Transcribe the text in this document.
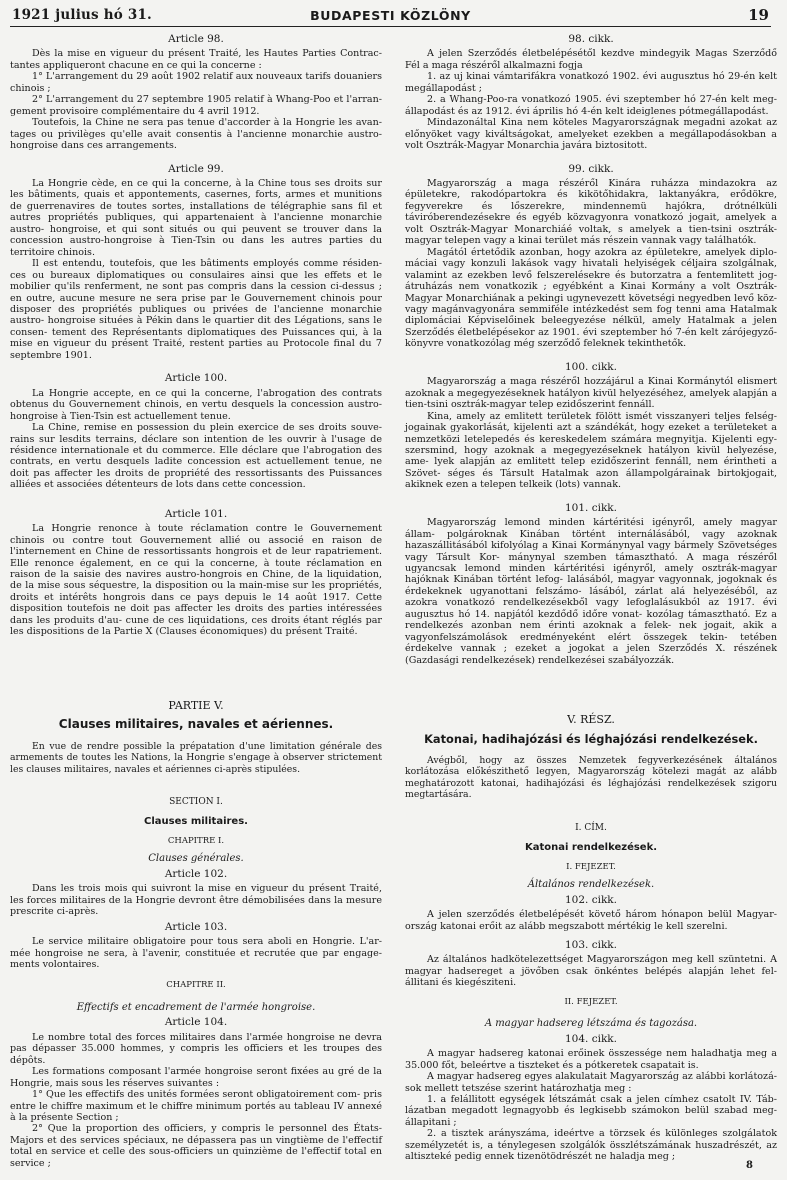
1921 julius hó 31.	BUDAPESTI KÖZLÖNY	19
Article 98.

Dès la mise en vigueur du présent Traité, les Hautes Parties Contrac- tantes appliqueront chacune en ce qui la concerne :

1° L'arrangement du 29 août 1902 relatif aux nouveaux tarifs douaniers chinois ;

2° L'arrangement du 27 septembre 1905 relatif à Whang-Poo et l'arran- gement provisoire complémentaire du 4 avril 1912.

Toutefois, la Chine ne sera pas tenue d'accorder à la Hongrie les avan- tages ou privilèges qu'elle avait consentis à l'ancienne monarchie austro- hongroise dans ces arrangements.

Article 99.

La Hongrie cède, en ce qui la concerne, à la Chine tous ses droits sur les bâtiments, quais et appontements, casernes, forts, armes et munitions de guerrenavires de toutes sortes, installations de télégraphie sans fil et autres propriétés publiques, qui appartenaient à l'ancienne monarchie austro- hongroise, et qui sont situés ou qui peuvent se trouver dans la concession austro-hongroise à Tien-Tsin ou dans les autres parties du territoire chinois.

Il est entendu, toutefois, que les bâtiments employés comme résiden- ces ou bureaux diplomatiques ou consulaires ainsi que les effets et le mobilier qu'ils renferment, ne sont pas compris dans la cession ci-dessus ; en outre, aucune mesure ne sera prise par le Gouvernement chinois pour disposer des propriétés publiques ou privées de l'ancienne monarchie austro- hongroise situées à Pékin dans le quartier dit des Légations, sans le consen- tement des Représentants diplomatiques des Puissances qui, à la mise en vigueur du présent Traité, restent parties au Protocole final du 7 septembre 1901.

Article 100.

La Hongrie accepte, en ce qui la concerne, l'abrogation des contrats obtenus du Gouvernement chinois, en vertu desquels la concession austro- hongroise à Tien-Tsin est actuellement tenue.

La Chine, remise en possession du plein exercice de ses droits souve- rains sur lesdits terrains, déclare son intention de les ouvrir à l'usage de résidence internationale et du commerce. Elle déclare que l'abrogation des contrats, en vertu desquels ladite concession est actuellement tenue, ne doit pas affecter les droits de propriété des ressortissants des Puissances alliées et associées détenteurs de lots dans cette concession.

Article 101.

La Hongrie renonce à toute réclamation contre le Gouvernement chinois ou contre tout Gouvernement allié ou associé en raison de l'internement en Chine de ressortissants hongrois et de leur rapatriement. Elle renonce également, en ce qui la concerne, à toute réclamation en raison de la saisie des navires austro-hongrois en Chine, de la liquidation, de la mise sous séquestre, la disposition ou la main-mise sur les propriétés, droits et intérêts hongrois dans ce pays depuis le 14 août 1917. Cette disposition toutefois ne doit pas affecter les droits des parties intéressées dans les produits d'au- cune de ces liquidations, ces droits étant réglés par les dispositions de la Partie X (Clauses économiques) du présent Traité.

PARTIE V.
Clauses militaires, navales et aériennes.

En vue de rendre possible la prépatation d'une limitation générale des armements de toutes les Nations, la Hongrie s'engage à observer strictement les clauses militaires, navales et aériennes ci-après stipulées.

SECTION I.
Clauses militaires.
CHAPITRE I.
Clauses générales.
Article 102.

Dans les trois mois qui suivront la mise en vigueur du présent Traité, les forces militaires de la Hongrie devront être démobilisées dans la mesure prescrite ci-après.

Article 103.

Le service militaire obligatoire pour tous sera aboli en Hongrie. L'ar- mée hongroise ne sera, à l'avenir, constituée et recrutée que par engage- ments volontaires.

CHAPITRE II.
Effectifs et encadrement de l'armée hongroise.
Article 104.

Le nombre total des forces militaires dans l'armée hongroise ne devra pas dépasser 35.000 hommes, y compris les officiers et les troupes des dépôts.

Les formations composant l'armée hongroise seront fixées au gré de la Hongrie, mais sous les réserves suivantes :

1° Que les effectifs des unités formées seront obligatoirement com- pris entre le chiffre maximum et le chiffre minimum portés au tableau IV annexé à la présente Section ;

2° Que la proportion des officiers, y compris le personnel des États- Majors et des services spéciaux, ne dépassera pas un vingtième de l'effectif total en service et celle des sous-officiers un quinzième de l'effectif total en service ;

98. cikk.

A jelen Szerződés életbelépésétől kezdve mindegyik Magas Szerződő Fél a maga részéről alkalmazni fogja

1. az uj kinai vámtarifákra vonatkozó 1902. évi augusztus hó 29-én kelt megállapodást ;

2. a Whang-Poo-ra vonatkozó 1905. évi szeptember hó 27-én kelt meg- állapodást és az 1912. évi április hó 4-én kelt ideiglenes pótmegállapodást.

Mindazonáltal Kina nem köteles Magyarországnak megadni azokat az előnyöket vagy kiváltságokat, amelyeket ezekben a megállapodásokban a volt Osztrák-Magyar Monarchia javára biztositott.

99. cikk.

Magyarország a maga részéről Kinára ruházza mindazokra az épületekre, rakodópartokra és kikötőhidakra, laktanyákra, erődökre, fegyverekre és lőszerekre, mindennemü hajókra, drótnélküli táviróberendezésekre és egyéb közvagyonra vonatkozó jogait, amelyek a volt Osztrák-Magyar Monarchiáé voltak, s amelyek a tien-tsini osztrák-magyar telepen vagy a kinai terület más részein vannak vagy találhatók.

Magától értetődik azonban, hogy azokra az épületekre, amelyek diplo- máciai vagy konzuli lakások vagy hivatali helyiségek céljaira szolgálnak, valamint az ezekben levő felszerelésekre és butorzatra a fentemlitett jog- átruházás nem vonatkozik ; egyébként a Kinai Kormány a volt Osztrák- Magyar Monarchiának a pekingi ugynevezett követségi negyedben levő köz- vagy magánvagyonára semmiféle intézkedést sem fog tenni ama Hatalmak diplomáciai Képviselőinek beleegyezése nélkül, amely Hatalmak a jelen Szerződés életbelépésekor az 1901. évi szeptember hó 7-én kelt zárójegyző- könyvre vonatkozólag még szerződő feleknek tekinthetők.

100. cikk.

Magyarország a maga részéről hozzájárul a Kinai Kormánytól elismert azoknak a megegyezéseknek hatályon kivül helyezéséhez, amelyek alapján a tien-tsini osztrák-magyar telep ezidőszerint fennáll.

Kina, amely az emlitett területek fölött ismét visszanyeri teljes felség- jogainak gyakorlását, kijelenti azt a szándékát, hogy ezeket a területeket a nemzetközi letelepedés és kereskedelem számára megnyitja. Kijelenti egy- szersmind, hogy azoknak a megegyezéseknek hatályon kivül helyezése, ame- lyek alapján az emlitett telep ezidőszerint fennáll, nem érintheti a Szövet- séges és Társult Hatalmak azon állampolgárainak birtokjogait, akiknek ezen a telepen telkeik (lots) vannak.

101. cikk.

Magyarország lemond minden kártéritési igényről, amely magyar állam- polgároknak Kinában történt internálásából, vagy azoknak hazaszállitásából kifolyólag a Kinai Kormánynyal vagy bármely Szövetséges vagy Társult Kor- mánynyal szemben támasztható. A maga részéről ugyancsak lemond minden kártéritési igényről, amely osztrák-magyar hajóknak Kinában történt lefog- lalásából, magyar vagyonnak, jogoknak és érdekeknek ugyanottani felszámo- lásából, zárlat alá helyezéséből, az azokra vonatkozó rendelkezésekből vagy lefoglalásukból az 1917. évi augusztus hó 14. napjától kezdődő időre vonat- kozólag támasztható. Ez a rendelkezés azonban nem érinti azoknak a felek- nek jogait, akik a vagyonfelszámolások eredményeként elért összegek tekin- tetében érdekelve vannak ; ezeket a jogokat a jelen Szerződés X. részének (Gazdasági rendelkezések) rendelkezései szabályozzák.

V. RÉSZ.
Katonai, hadihajózási és léghajózási rendelkezések.

Avégből, hogy az összes Nemzetek fegyverkezésének általános korlátozása előkészithető legyen, Magyarország kötelezi magát az alább meghatározott katonai, hadihajózási és léghajózási rendelkezések szigoru megtartására.

I. CÍM.
Katonai rendelkezések.
I. FEJEZET.
Általános rendelkezések.
102. cikk.

A jelen szerződés életbelépését követő három hónapon belül Magyar- ország katonai erőit az alább megszabott mértékig le kell szerelni.

103. cikk.

Az általános hadkötelezettséget Magyarországon meg kell szüntetni. A magyar hadsereget a jövőben csak önkéntes belépés alapján lehet fel- állitani és kiegésziteni.

II. FEJEZET.
A magyar hadsereg létszáma és tagozása.
104. cikk.

A magyar hadsereg katonai erőinek összessége nem haladhatja meg a 35.000 főt, beleértve a tiszteket és a pótkeretek csapatait is.

A magyar hadsereg egyes alakulatait Magyarország az alábbi korlátozá- sok mellett tetszése szerint határozhatja meg :

1. a felállitott egységek létszámát csak a jelen címhez csatolt IV. Táb- lázatban megadott legnagyobb és legkisebb számokon belül szabad meg- állapitani ;

2. a tisztek arányszáma, ideértve a törzsek és különleges szolgálatok személyzetét is, a ténylegesen szolgálók összlétszámának huszadrészét, az altiszteké pedig ennek tizenötödrészét ne haladja meg ;

8
